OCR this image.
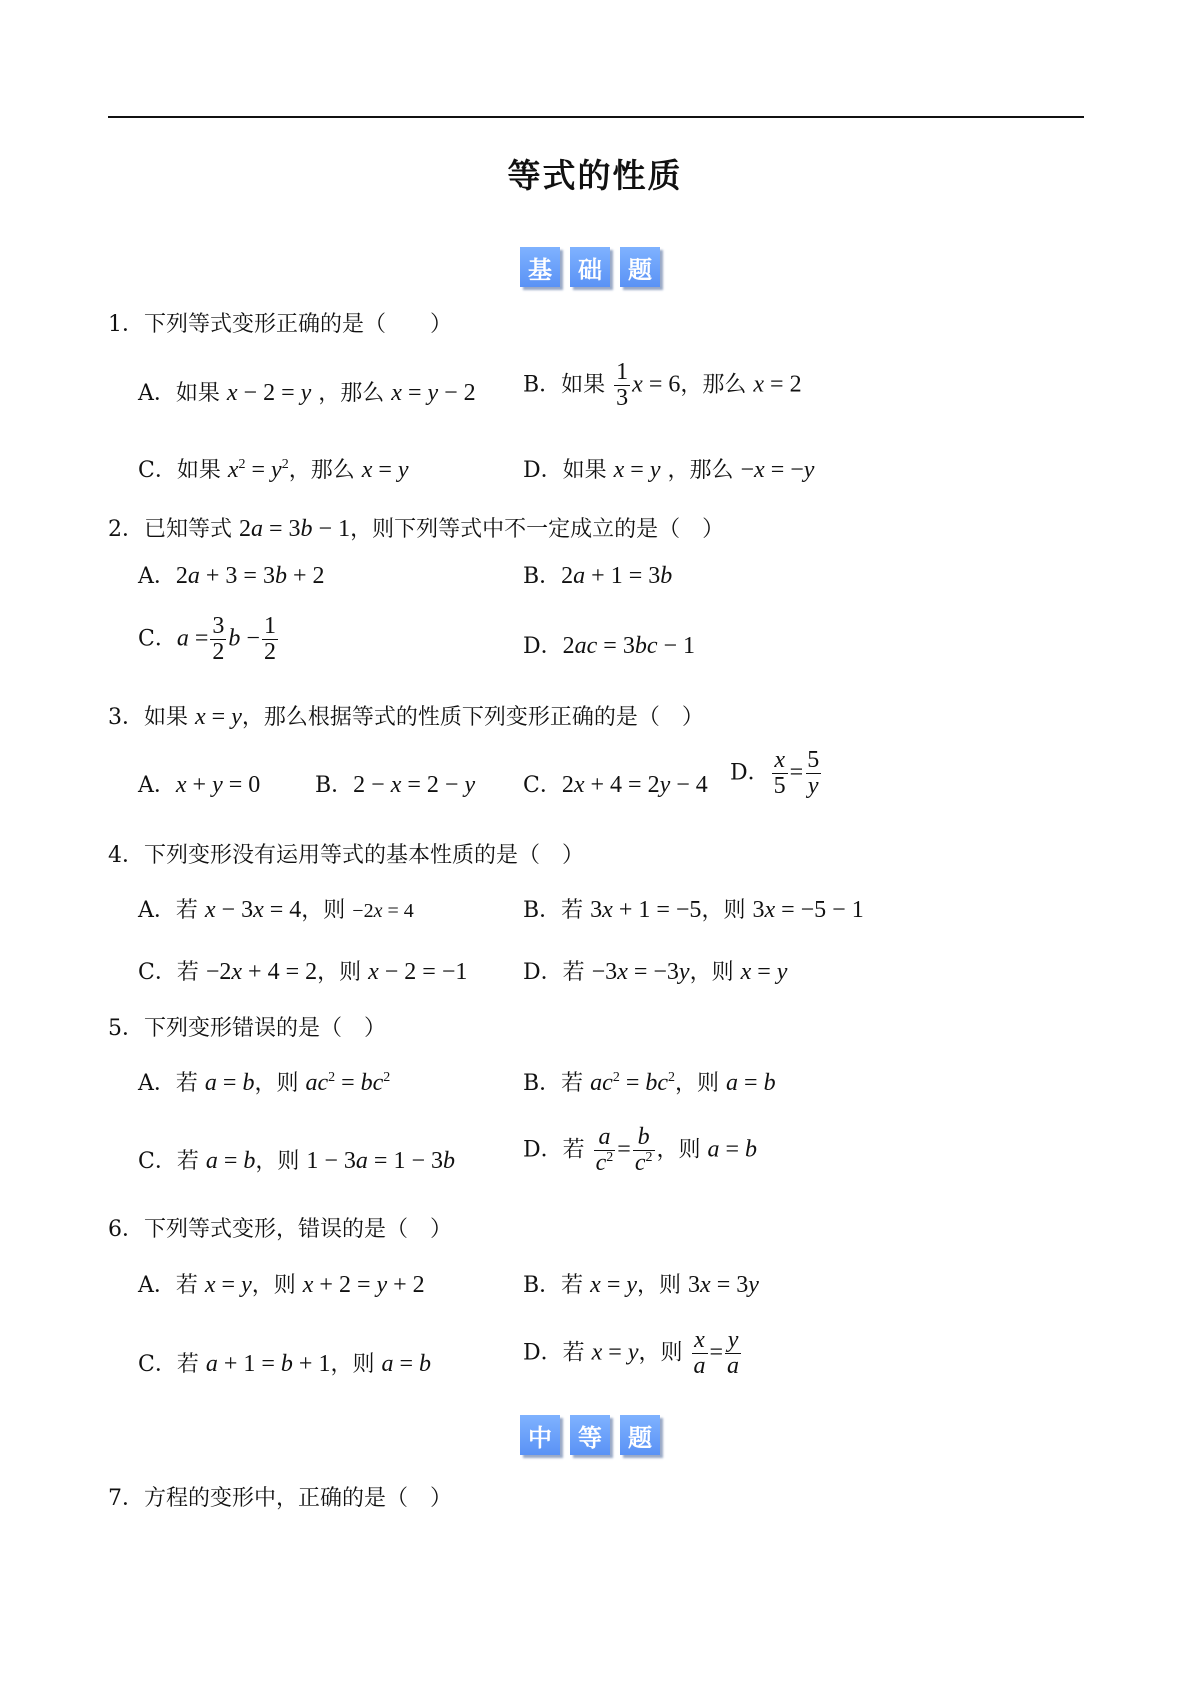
等式的性质
基	础	题
1．下列等式变形正确的是（　　）
A．如果 x − 2 = y ，那么 x = y − 2 B．如果 $\frac{1}{3}$ x = 6，那么 x = 2
C．如果 $x^2 = y^2$，那么 x = y	D．如果 x = y ，那么 −x = −y
2．已知等式 2a = 3b − 1，则下列等式中不一定成立的是（　）
A．2a + 3 = 3b + 2	B．2a + 1 = 3b
C．$a = \frac{3}{2}$ $b - \frac{1}{2}$	D．2ac = 3bc − 1
3．如果 x = y，那么根据等式的性质下列变形正确的是（　）
A．x + y = 0 B．2 − x = 2 − y C．2x + 4 = 2y − 4 D． $\frac{x}{5} = \frac{5}{y}$
4．下列变形没有运用等式的基本性质的是（　）
A．若 x − 3x = 4，则 −2x = 4	B．若 3x + 1 = −5，则 3x = −5 − 1
C．若 −2x + 4 = 2，则 x − 2 = −1	D．若 −3x = −3y，则 x = y
5．下列变形错误的是（　）
A．若 a = b，则 $ac^2 = bc^2$	B．若 $ac^2 = bc^2$，则 a = b
C．若 a = b，则 1 − 3a = 1 − 3b	D．若 $\frac{a}{c^2} = \frac{b}{c^2}$ ，则 a = b
6．下列等式变形，错误的是（　）
A．若 x = y，则 x + 2 = y + 2	B．若 x = y，则 3x = 3y
C．若 a + 1 = b + 1，则 a = b	D．若 x = y，则 $\frac{x}{a} = \frac{y}{a}$
中	等	题
7．方程的变形中，正确的是（　）
